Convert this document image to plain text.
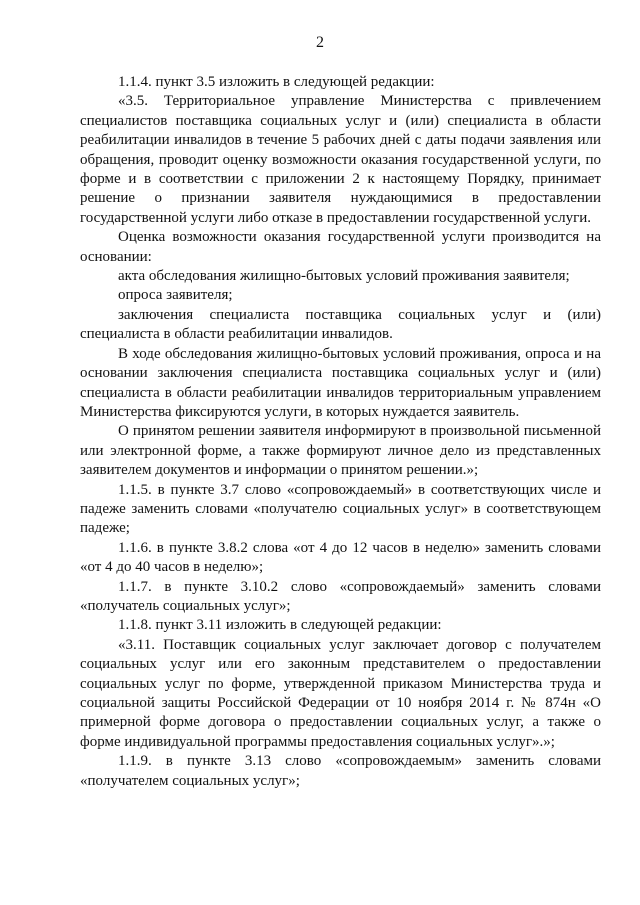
2

1.1.4. пункт 3.5 изложить в следующей редакции:

«3.5. Территориальное управление Министерства с привлечением специалистов поставщика социальных услуг и (или) специалиста в области реабилитации инвалидов в течение 5 рабочих дней с даты подачи заявления или обращения, проводит оценку возможности оказания государственной услуги, по форме и в соответствии с приложении 2 к настоящему Порядку, принимает решение о признании заявителя нуждающимися в предоставлении государственной услуги либо отказе в предоставлении государственной услуги.

Оценка возможности оказания государственной услуги производится на основании:

акта обследования жилищно-бытовых условий проживания заявителя;

опроса заявителя;

заключения специалиста поставщика социальных услуг и (или) специалиста в области реабилитации инвалидов.

В ходе обследования жилищно-бытовых условий проживания, опроса и на основании заключения специалиста поставщика социальных услуг и (или) специалиста в области реабилитации инвалидов территориальным управлением Министерства фиксируются услуги, в которых нуждается заявитель.

О принятом решении заявителя информируют в произвольной письменной или электронной форме, а также формируют личное дело из представленных заявителем документов и информации о принятом решении.»;

1.1.5. в пункте 3.7 слово «сопровождаемый» в соответствующих числе и падеже заменить словами «получателю социальных услуг» в соответствующем падеже;

1.1.6. в пункте 3.8.2 слова «от 4 до 12 часов в неделю» заменить словами «от 4 до 40 часов в неделю»;

1.1.7. в пункте 3.10.2 слово «сопровождаемый» заменить словами «получатель социальных услуг»;

1.1.8. пункт 3.11 изложить в следующей редакции:

«3.11. Поставщик социальных услуг заключает договор с получателем социальных услуг или его законным представителем о предоставлении социальных услуг по форме, утвержденной приказом Министерства труда и социальной защиты Российской Федерации от 10 ноября 2014 г. № 874н «О примерной форме договора о предоставлении социальных услуг, а также о форме индивидуальной программы предоставления социальных услуг».»;

1.1.9. в пункте 3.13 слово «сопровождаемым» заменить словами «получателем социальных услуг»;
